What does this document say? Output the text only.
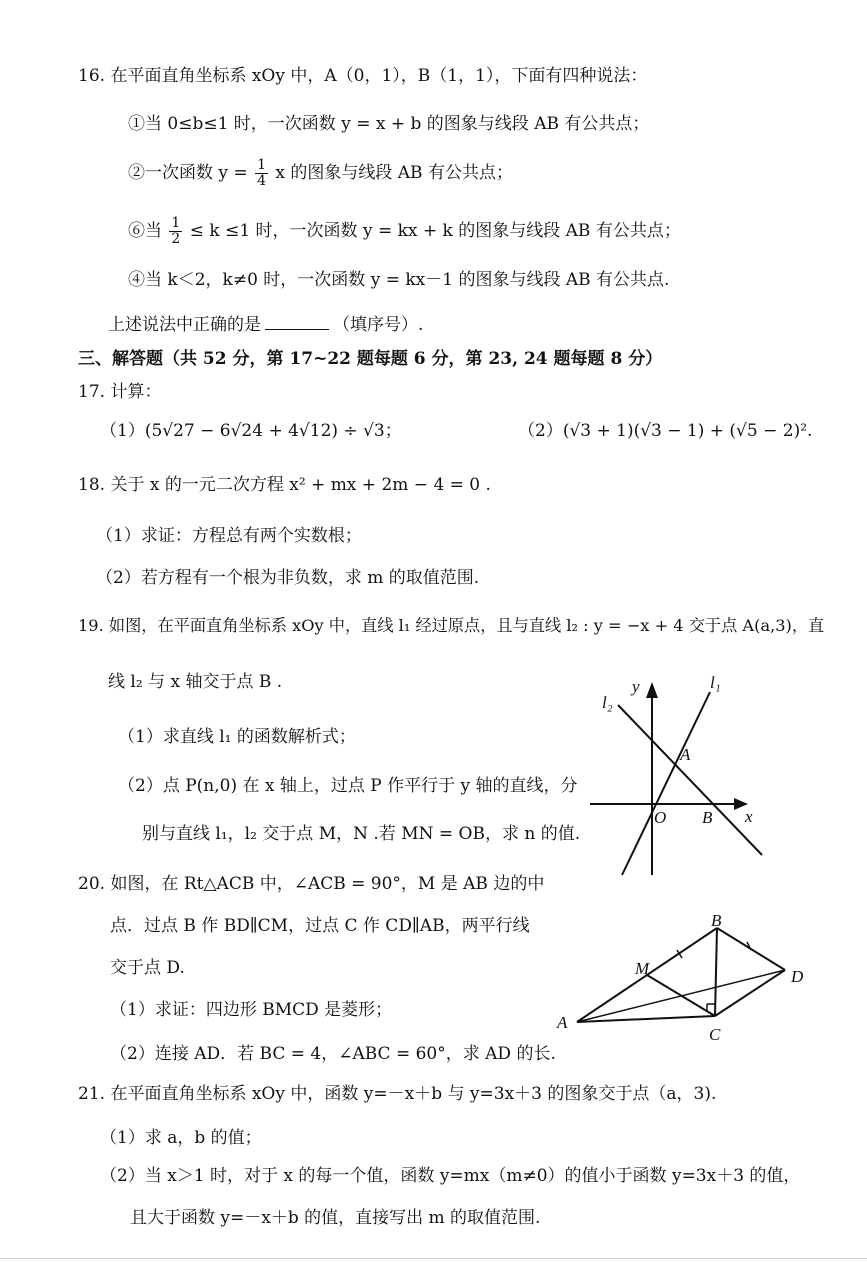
16. 在平面直角坐标系 xOy 中，A（0，1），B（1，1），下面有四种说法：
①当 0≤b≤1 时，一次函数 y = x + b 的图象与线段 AB 有公共点；
②一次函数 $y = \frac{1}{4}$ x 的图象与线段 AB 有公共点；
⑥当 $\frac{1}{2} \le k \le 1$ 时，一次函数 y = kx + k 的图象与线段 AB 有公共点；
④当 k＜2，k≠0 时，一次函数 y = kx－1 的图象与线段 AB 有公共点.
上述说法中正确的是	（填序号）.
三、解答题（共 52 分，第 17~22 题每题 6 分，第 23, 24 题每题 8 分）
17. 计算：
（1）(5√27 − 6√24 + 4√12) ÷ √3；	（2）(√3 + 1)(√3 − 1) + (√5 − 2)².
18. 关于 x 的一元二次方程 x² + mx + 2m − 4 = 0 .
（1）求证：方程总有两个实数根；
（2）若方程有一个根为非负数，求 m 的取值范围.
19. 如图，在平面直角坐标系 xOy 中，直线 l₁ 经过原点，且与直线 l₂ : y = −x + 4 交于点 A(a,3)，直
线 l₂ 与 x 轴交于点 B .
（1）求直线 l₁ 的函数解析式；
（2）点 P(n,0) 在 x 轴上，过点 P 作平行于 y 轴的直线，分
别与直线 l₁，l₂ 交于点 M，N .若 MN = OB，求 n 的值.
y	l₁
l₂
A
O B x
20. 如图，在 Rt△ACB 中，∠ACB = 90°，M 是 AB 边的中
点．过点 B 作 BD∥CM，过点 C 作 CD∥AB，两平行线
交于点 D.
（1）求证：四边形 BMCD 是菱形；
（2）连接 AD．若 BC = 4，∠ABC = 60°，求 AD 的长.
A
B
C
D
M
21. 在平面直角坐标系 xOy 中，函数 y=－x＋b 与 y=3x＋3 的图象交于点（a，3).
（1）求 a，b 的值；
（2）当 x＞1 时，对于 x 的每一个值，函数 y=mx（m≠0）的值小于函数 y=3x＋3 的值，
且大于函数 y=－x＋b 的值，直接写出 m 的取值范围.
